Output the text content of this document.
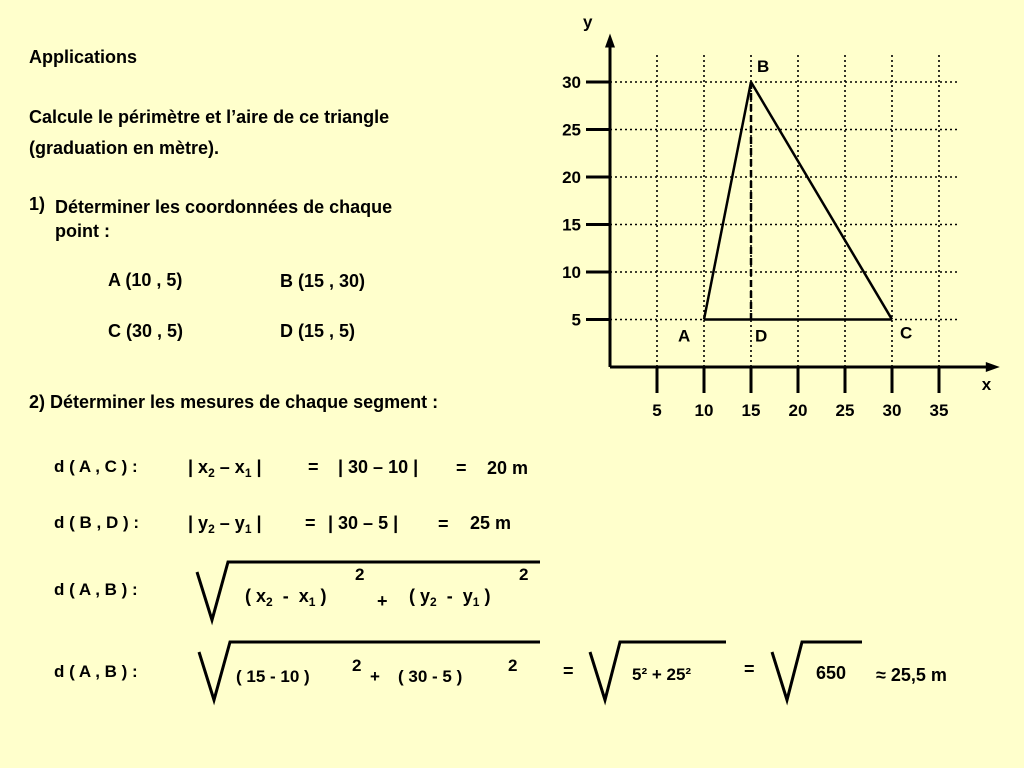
Applications
Calcule le périmètre et l’aire de ce triangle
(graduation en mètre).
1) Déterminer les coordonnées de chaque
point :
A (10 , 5)	B (15 , 30)
C (30 , 5)	D (15 , 5)
2) Déterminer les mesures de chaque segment :
d ( A , C ) :	| $x_2 - x_1$ |	= | 30 – 10 | = 20 m
d ( B , D ) :	| $y_2 - y_1$ | = | 30 – 5 | = 25 m
d ( A , B ) :	( $x_2 - x_1$ )
2
+ ( $y_2 - y_1$ )
2
d ( A , B ) :	( 15 - 10 )
2
+ ( 30 - 5 )
2	=	5² + 25²	=	650 ≈ 25,5 m
x
y
5 10 15 20 25 30 35
5
10
15
20
25
30
A
B
C
D
